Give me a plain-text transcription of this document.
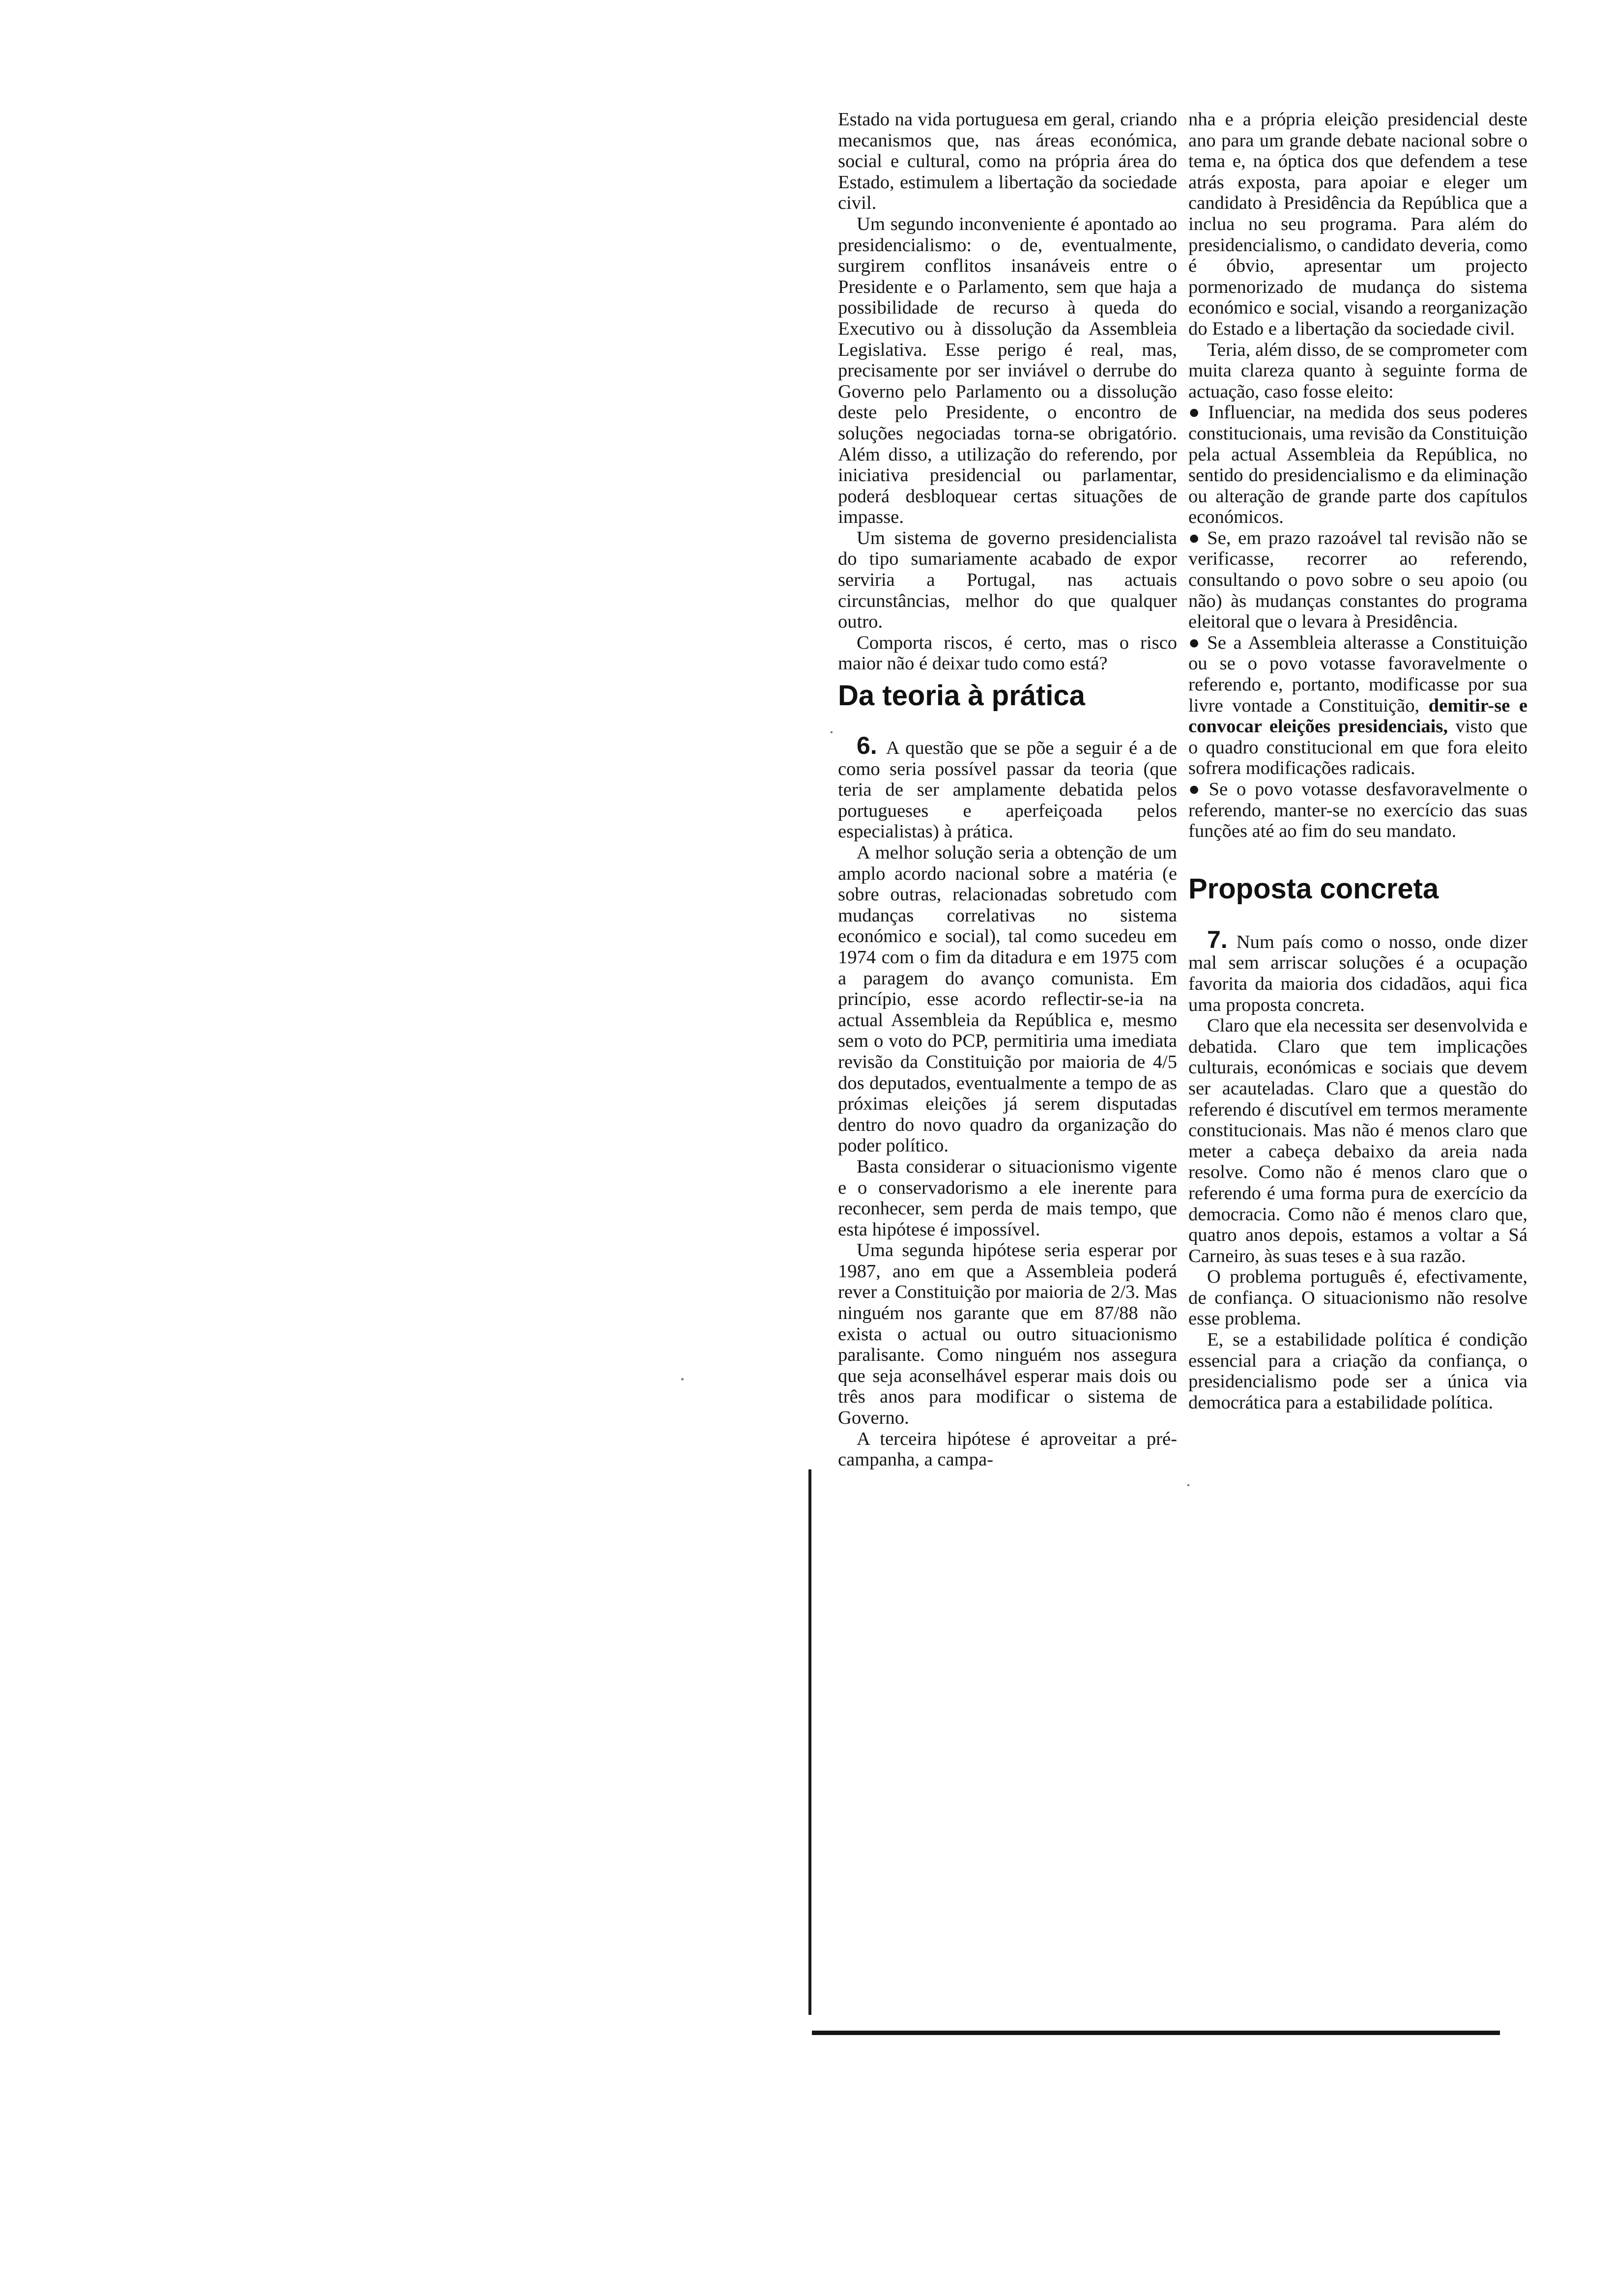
Estado na vida portuguesa em geral, criando mecanismos que, nas áreas económica, social e cultural, como na própria área do Estado, estimulem a libertação da sociedade civil.

Um segundo inconveniente é apontado ao presidencialismo: o de, eventualmente, surgirem conflitos insanáveis entre o Presidente e o Parlamento, sem que haja a possibilidade de recurso à queda do Executivo ou à dissolução da Assembleia Legislativa. Esse perigo é real, mas, precisamente por ser inviável o derrube do Governo pelo Parlamento ou a dissolução deste pelo Presidente, o encontro de soluções negociadas torna-se obrigatório. Além disso, a utilização do referendo, por iniciativa presidencial ou parlamentar, poderá desbloquear certas situações de impasse.

Um sistema de governo presidencialista do tipo sumariamente acabado de expor serviria a Portugal, nas actuais circunstâncias, melhor do que qualquer outro.

Comporta riscos, é certo, mas o risco maior não é deixar tudo como está?

Da teoria à prática

6. A questão que se põe a seguir é a de como seria possível passar da teoria (que teria de ser amplamente debatida pelos portugueses e aperfeiçoada pelos especialistas) à prática.

A melhor solução seria a obtenção de um amplo acordo nacional sobre a matéria (e sobre outras, relacionadas sobretudo com mudanças correlativas no sistema económico e social), tal como sucedeu em 1974 com o fim da ditadura e em 1975 com a paragem do avanço comunista. Em princípio, esse acordo reflectir-se-ia na actual Assembleia da República e, mesmo sem o voto do PCP, permitiria uma imediata revisão da Constituição por maioria de 4/5 dos deputados, eventualmente a tempo de as próximas eleições já serem disputadas dentro do novo quadro da organização do poder político.

Basta considerar o situacionismo vigente e o conservadorismo a ele inerente para reconhecer, sem perda de mais tempo, que esta hipótese é impossível.

Uma segunda hipótese seria esperar por 1987, ano em que a Assembleia poderá rever a Constituição por maioria de 2/3. Mas ninguém nos garante que em 87/88 não exista o actual ou outro situacionismo paralisante. Como ninguém nos assegura que seja aconselhável esperar mais dois ou três anos para modificar o sistema de Governo.

A terceira hipótese é aproveitar a pré-campanha, a campa-

nha e a própria eleição presidencial deste ano para um grande debate nacional sobre o tema e, na óptica dos que defendem a tese atrás exposta, para apoiar e eleger um candidato à Presidência da República que a inclua no seu programa. Para além do presidencialismo, o candidato deveria, como é óbvio, apresentar um projecto pormenorizado de mudança do sistema económico e social, visando a reorganização do Estado e a libertação da sociedade civil.

Teria, além disso, de se comprometer com muita clareza quanto à seguinte forma de actuação, caso fosse eleito:

● Influenciar, na medida dos seus poderes constitucionais, uma revisão da Constituição pela actual Assembleia da República, no sentido do presidencialismo e da eliminação ou alteração de grande parte dos capítulos económicos.

● Se, em prazo razoável tal revisão não se verificasse, recorrer ao referendo, consultando o povo sobre o seu apoio (ou não) às mudanças constantes do programa eleitoral que o levara à Presidência.

● Se a Assembleia alterasse a Constituição ou se o povo votasse favoravelmente o referendo e, portanto, modificasse por sua livre vontade a Constituição, demitir-se e convocar eleições presidenciais, visto que o quadro constitucional em que fora eleito sofrera modificações radicais.

● Se o povo votasse desfavoravelmente o referendo, manter-se no exercício das suas funções até ao fim do seu mandato.

Proposta concreta

7. Num país como o nosso, onde dizer mal sem arriscar soluções é a ocupação favorita da maioria dos cidadãos, aqui fica uma proposta concreta.

Claro que ela necessita ser desenvolvida e debatida. Claro que tem implicações culturais, económicas e sociais que devem ser acauteladas. Claro que a questão do referendo é discutível em termos meramente constitucionais. Mas não é menos claro que meter a cabeça debaixo da areia nada resolve. Como não é menos claro que o referendo é uma forma pura de exercício da democracia. Como não é menos claro que, quatro anos depois, estamos a voltar a Sá Carneiro, às suas teses e à sua razão.

O problema português é, efectivamente, de confiança. O situacionismo não resolve esse problema.

E, se a estabilidade política é condição essencial para a criação da confiança, o presidencialismo pode ser a única via democrática para a estabilidade política.
